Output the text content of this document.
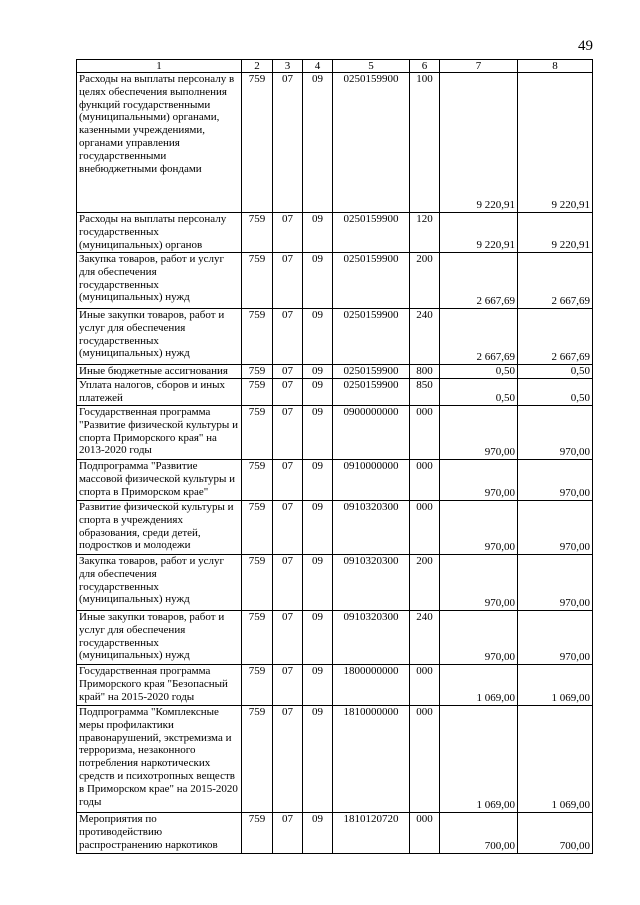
49
1	2	3	4	5	6	7	8
Расходы на выплаты персоналу в целях обеспечения выполнения функций государственными (муниципальными) органами, казенными учреждениями, органами управления государственными внебюджетными фондами	759	07	09	0250159900	100	9 220,91	9 220,91
Расходы на выплаты персоналу государственных (муниципальных) органов	759	07	09	0250159900	120	9 220,91	9 220,91
Закупка товаров, работ и услуг для обеспечения государственных (муниципальных) нужд	759	07	09	0250159900	200	2 667,69	2 667,69
Иные закупки товаров, работ и услуг для обеспечения государственных (муниципальных) нужд	759	07	09	0250159900	240	2 667,69	2 667,69
Иные бюджетные ассигнования	759	07	09	0250159900	800	0,50	0,50
Уплата налогов, сборов и иных платежей	759	07	09	0250159900	850	0,50	0,50
Государственная программа "Развитие физической культуры и спорта Приморского края" на 2013-2020 годы	759	07	09	0900000000	000	970,00	970,00
Подпрограмма "Развитие массовой физической культуры и спорта в Приморском крае"	759	07	09	0910000000	000	970,00	970,00
Развитие физической культуры и спорта в учреждениях образования, среди детей, подростков и молодежи	759	07	09	0910320300	000	970,00	970,00
Закупка товаров, работ и услуг для обеспечения государственных (муниципальных) нужд	759	07	09	0910320300	200	970,00	970,00
Иные закупки товаров, работ и услуг для обеспечения государственных (муниципальных) нужд	759	07	09	0910320300	240	970,00	970,00
Государственная программа Приморского края "Безопасный край" на 2015-2020 годы	759	07	09	1800000000	000	1 069,00	1 069,00
Подпрограмма "Комплексные меры профилактики правонарушений, экстремизма и терроризма, незаконного потребления наркотических средств и психотропных веществ в Приморском крае" на 2015-2020 годы	759	07	09	1810000000	000	1 069,00	1 069,00
Мероприятия по противодействию распространению наркотиков	759	07	09	1810120720	000	700,00	700,00
